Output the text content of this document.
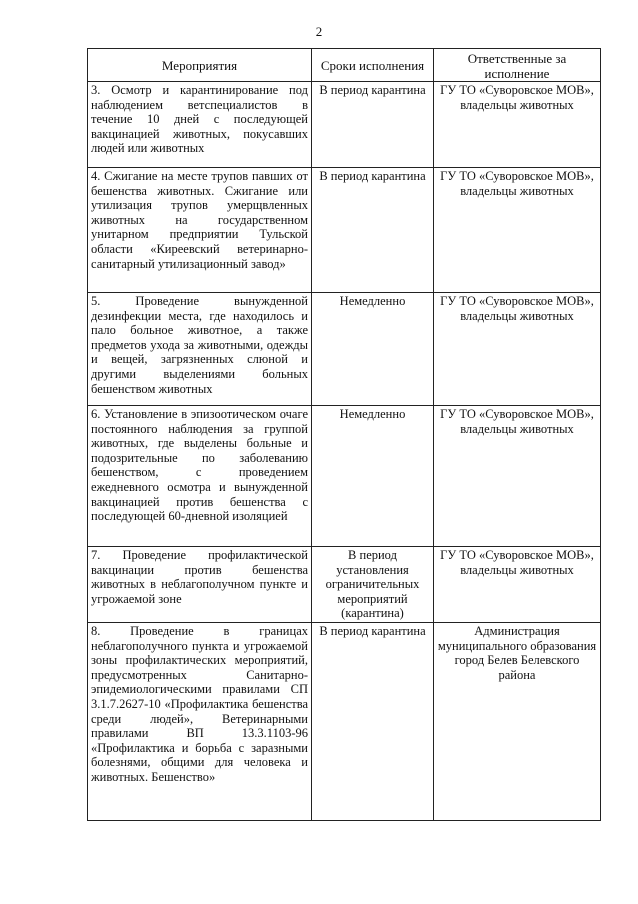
2
Мероприятия	Сроки исполнения	Ответственные за исполнение
3. Осмотр и карантинирование под наблюдением ветспециалистов в течение 10 дней с последующей вакцинацией животных, покусавших людей или животных	В период карантина	ГУ ТО «Суворовское МОВ», владельцы животных
4. Сжигание на месте трупов павших от бешенства животных. Сжигание или утилизация трупов умерщвленных животных на государственном унитарном предприятии Тульской области «Киреевский ветеринарно-санитарный утилизационный завод»	В период карантина	ГУ ТО «Суворовское МОВ», владельцы животных
5. Проведение вынужденной дезинфекции места, где находилось и пало больное животное, а также предметов ухода за животными, одежды и вещей, загрязненных слюной и другими выделениями больных бешенством животных	Немедленно	ГУ ТО «Суворовское МОВ», владельцы животных
6. Установление в эпизоотическом очаге постоянного наблюдения за группой животных, где выделены больные и подозрительные по заболеванию бешенством, с проведением ежедневного осмотра и вынужденной вакцинацией против бешенства с последующей 60-дневной изоляцией	Немедленно	ГУ ТО «Суворовское МОВ», владельцы животных
7. Проведение профилактической вакцинации против бешенства животных в неблагополучном пункте и угрожаемой зоне	В период установления ограничительных мероприятий (карантина)	ГУ ТО «Суворовское МОВ», владельцы животных
8. Проведение в границах неблагополучного пункта и угрожаемой зоны профилактических мероприятий, предусмотренных Санитарно-эпидемиологическими правилами СП 3.1.7.2627-10 «Профилактика бешенства среди людей», Ветеринарными правилами ВП 13.3.1103-96 «Профилактика и борьба с заразными болезнями, общими для человека и животных. Бешенство»	В период карантина	Администрация муниципального образования город Белев Белевского района
